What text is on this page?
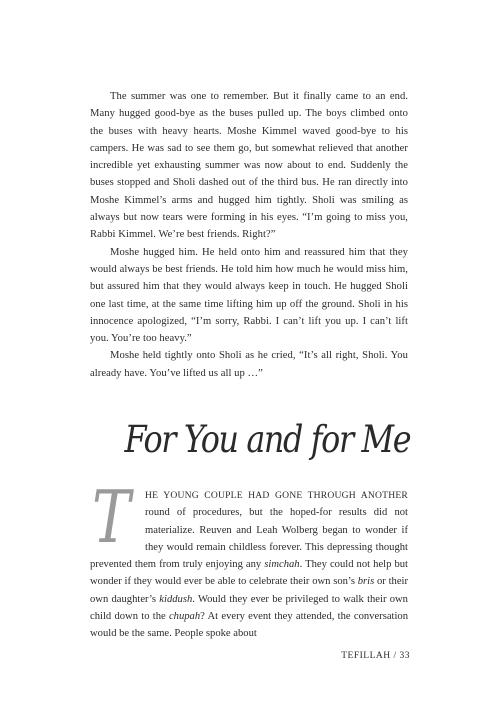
The summer was one to remember. But it finally came to an end. Many hugged good-bye as the buses pulled up. The boys climbed onto the buses with heavy hearts. Moshe Kimmel waved good-bye to his campers. He was sad to see them go, but somewhat relieved that another incredible yet exhausting summer was now about to end. Suddenly the buses stopped and Sholi dashed out of the third bus. He ran directly into Moshe Kimmel’s arms and hugged him tightly. Sholi was smiling as always but now tears were forming in his eyes. “I’m going to miss you, Rabbi Kimmel. We’re best friends. Right?”

Moshe hugged him. He held onto him and reassured him that they would always be best friends. He told him how much he would miss him, but assured him that they would always keep in touch. He hugged Sholi one last time, at the same time lifting him up off the ground. Sholi in his innocence apologized, “I’m sorry, Rabbi. I can’t lift you up. I can’t lift you. You’re too heavy.”

Moshe held tightly onto Sholi as he cried, “It’s all right, Sholi. You already have. You’ve lifted us all up …”

For You and for Me
T	HE YOUNG COUPLE HAD GONE THROUGH ANOTHER round of procedures, but the hoped-for results did not materialize. Reuven and Leah Wolberg began to wonder if they would remain childless forever. This depressing thought prevented them from truly enjoying any simchah. They could not help but wonder if they would ever be able to celebrate their own son’s bris or their own daughter’s kiddush. Would they ever be privileged to walk their own child down to the chupah? At every event they attended, the conversation would be the same. People spoke about

TEFILLAH / 33
